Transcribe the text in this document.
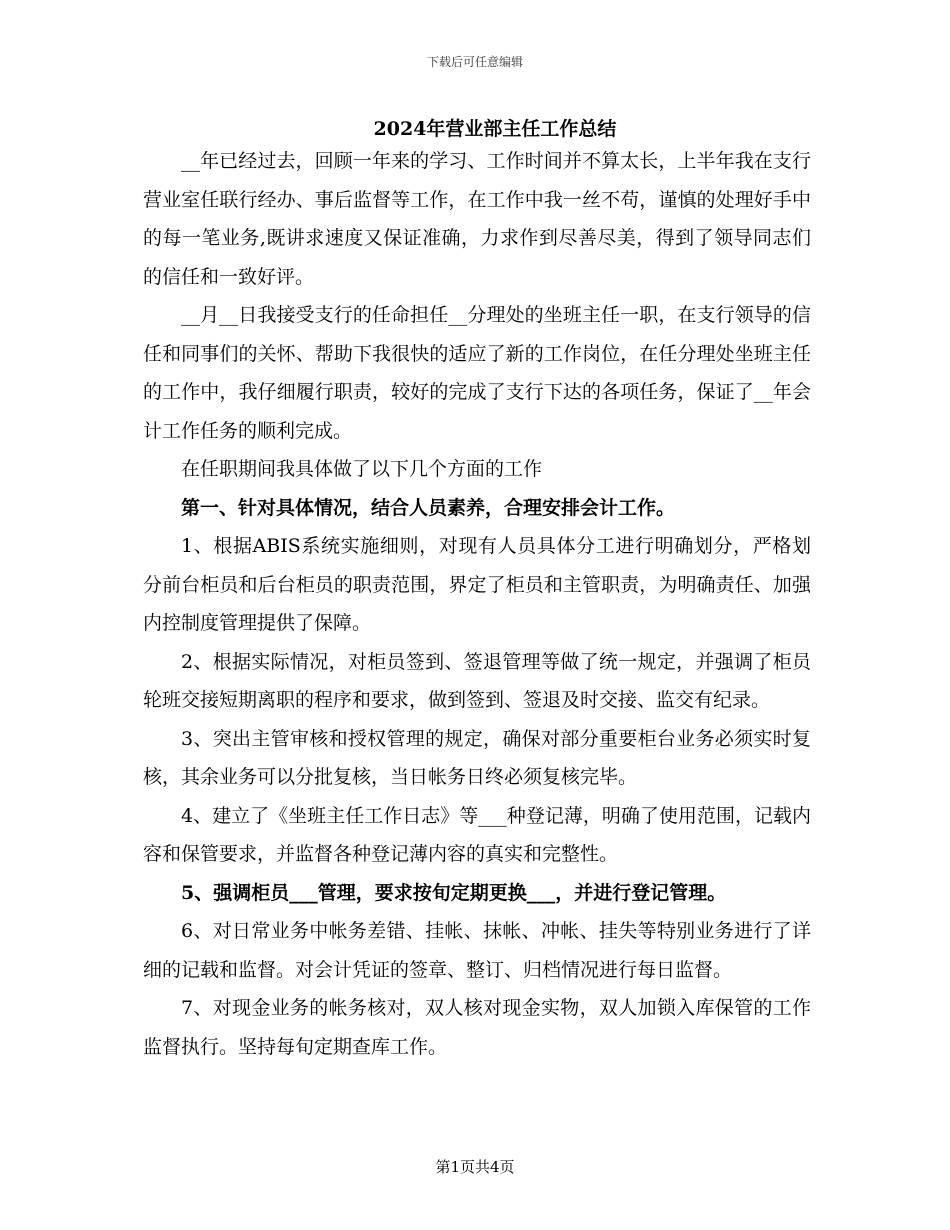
下载后可任意编辑
2024年营业部主任工作总结

__年已经过去，回顾一年来的学习、工作时间并不算太长，上半年我在支行营业室任联行经办、事后监督等工作，在工作中我一丝不苟，谨慎的处理好手中的每一笔业务,既讲求速度又保证准确，力求作到尽善尽美，得到了领导同志们的信任和一致好评。

__月__日我接受支行的任命担任__分理处的坐班主任一职，在支行领导的信任和同事们的关怀、帮助下我很快的适应了新的工作岗位，在任分理处坐班主任的工作中，我仔细履行职责，较好的完成了支行下达的各项任务，保证了__年会计工作任务的顺利完成。

在任职期间我具体做了以下几个方面的工作

第一、针对具体情况，结合人员素养，合理安排会计工作。

1、根据ABIS系统实施细则，对现有人员具体分工进行明确划分，严格划分前台柜员和后台柜员的职责范围，界定了柜员和主管职责，为明确责任、加强内控制度管理提供了保障。

2、根据实际情况，对柜员签到、签退管理等做了统一规定，并强调了柜员轮班交接短期离职的程序和要求，做到签到、签退及时交接、监交有纪录。

3、突出主管审核和授权管理的规定，确保对部分重要柜台业务必须实时复核，其余业务可以分批复核，当日帐务日终必须复核完毕。

4、建立了《坐班主任工作日志》等___种登记薄，明确了使用范围，记载内容和保管要求，并监督各种登记薄内容的真实和完整性。

5、强调柜员___管理，要求按旬定期更换___，并进行登记管理。

6、对日常业务中帐务差错、挂帐、抹帐、冲帐、挂失等特别业务进行了详细的记载和监督。对会计凭证的签章、整订、归档情况进行每日监督。

7、对现金业务的帐务核对，双人核对现金实物，双人加锁入库保管的工作监督执行。坚持每旬定期查库工作。

第1页共4页
